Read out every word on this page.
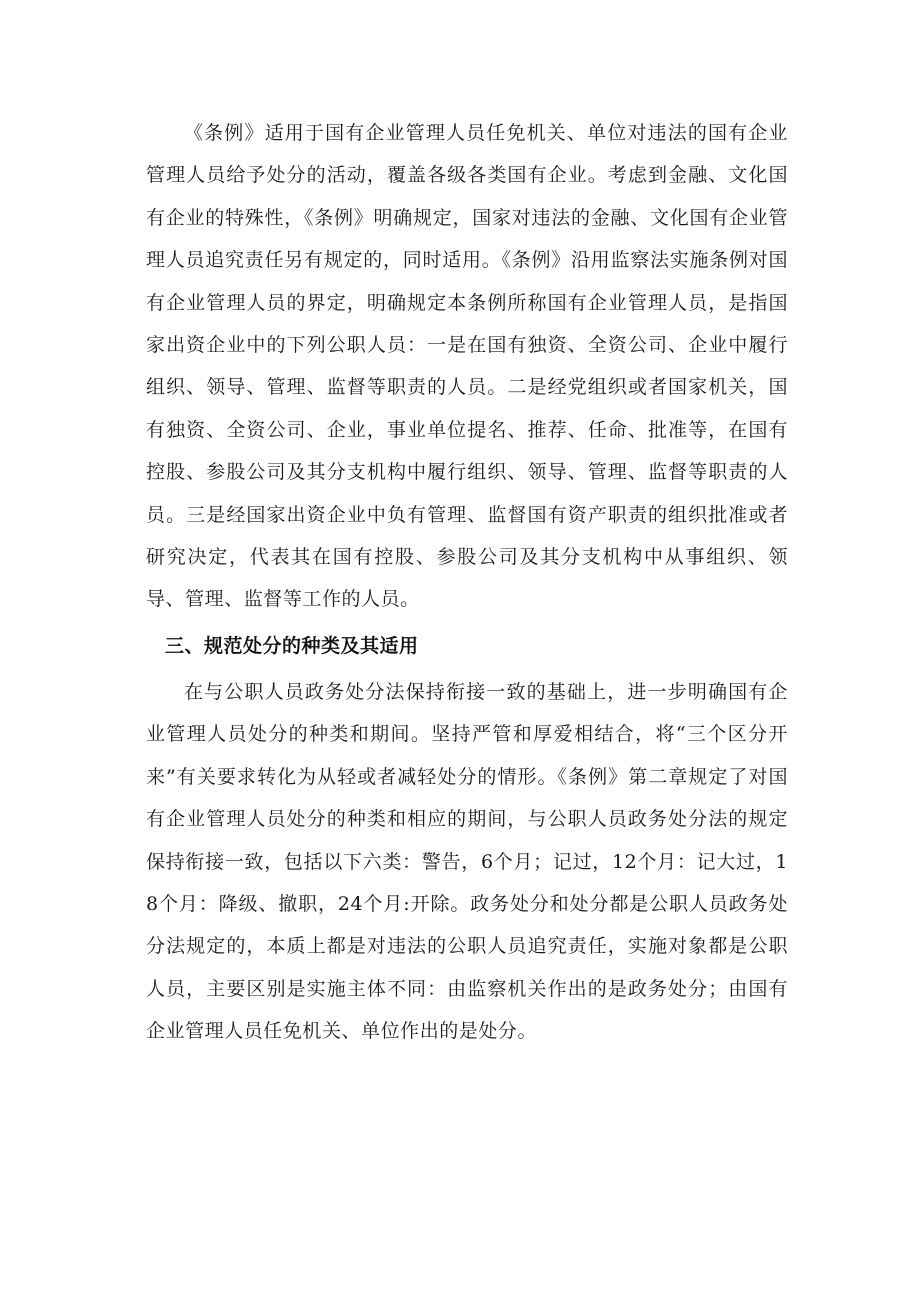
《条例》适用于国有企业管理人员任免机关、单位对违法的国有企业管理人员给予处分的活动，覆盖各级各类国有企业。考虑到金融、文化国有企业的特殊性，《条例》明确规定，国家对违法的金融、文化国有企业管理人员追究责任另有规定的，同时适用。《条例》沿用监察法实施条例对国有企业管理人员的界定，明确规定本条例所称国有企业管理人员，是指国家出资企业中的下列公职人员：一是在国有独资、全资公司、企业中履行组织、领导、管理、监督等职责的人员。二是经党组织或者国家机关，国有独资、全资公司、企业，事业单位提名、推荐、任命、批准等，在国有控股、参股公司及其分支机构中履行组织、领导、管理、监督等职责的人员。三是经国家出资企业中负有管理、监督国有资产职责的组织批准或者研究决定，代表其在国有控股、参股公司及其分支机构中从事组织、领导、管理、监督等工作的人员。

三、规范处分的种类及其适用

在与公职人员政务处分法保持衔接一致的基础上，进一步明确国有企业管理人员处分的种类和期间。坚持严管和厚爱相结合，将“三个区分开来”有关要求转化为从轻或者减轻处分的情形。《条例》第二章规定了对国有企业管理人员处分的种类和相应的期间，与公职人员政务处分法的规定保持衔接一致，包括以下六类：警告，6个月；记过，12个月：记大过，18个月：降级、撤职，24个月:开除。政务处分和处分都是公职人员政务处分法规定的，本质上都是对违法的公职人员追究责任，实施对象都是公职人员，主要区别是实施主体不同：由监察机关作出的是政务处分；由国有企业管理人员任免机关、单位作出的是处分。
